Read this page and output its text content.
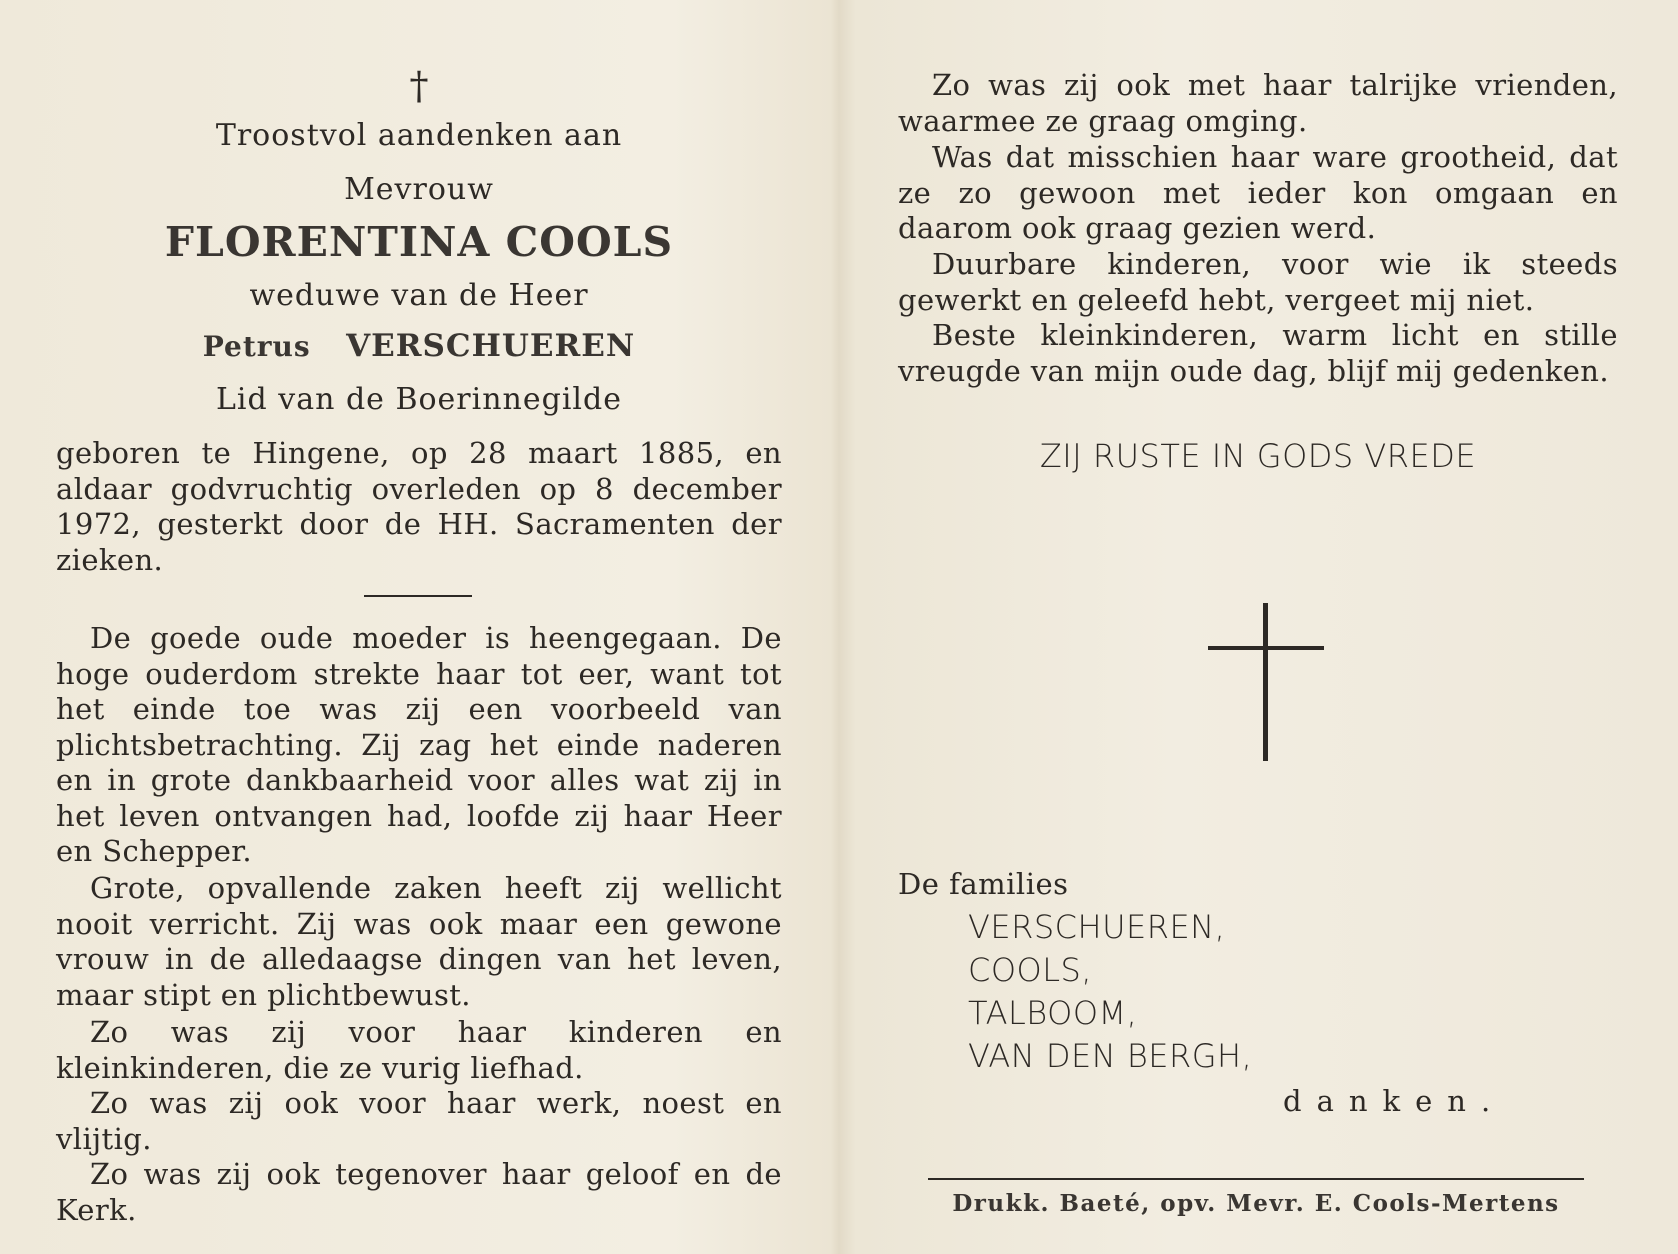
†
Troostvol aandenken aan
Mevrouw
FLORENTINA COOLS
weduwe van de Heer
Petrus VERSCHUEREN
Lid van de Boerinnegilde
geboren te Hingene, op 28 maart 1885, en aldaar godvruchtig overleden op 8 december 1972, gesterkt door de HH. Sacramenten der zieken.
De goede oude moeder is heengegaan. De hoge ouderdom strekte haar tot eer, want tot het einde toe was zij een voorbeeld van plichtsbetrachting. Zij zag het einde naderen en in grote dankbaarheid voor alles wat zij in het leven ontvangen had, loofde zij haar Heer en Schepper.
Grote, opvallende zaken heeft zij wellicht nooit verricht. Zij was ook maar een gewone vrouw in de alledaagse dingen van het leven, maar stipt en plichtbewust.
Zo was zij voor haar kinderen en kleinkinderen, die ze vurig liefhad.
Zo was zij ook voor haar werk, noest en vlijtig.
Zo was zij ook tegenover haar geloof en de Kerk.
Zo was zij ook met haar talrijke vrienden, waarmee ze graag omging.
Was dat misschien haar ware grootheid, dat ze zo gewoon met ieder kon omgaan en daarom ook graag gezien werd.
Duurbare kinderen, voor wie ik steeds gewerkt en geleefd hebt, vergeet mij niet.
Beste kleinkinderen, warm licht en stille vreugde van mijn oude dag, blijf mij gedenken.
ZIJ RUSTE IN GODS VREDE
De families
VERSCHUEREN,
COOLS,
TALBOOM,
VAN DEN BERGH,
danken.
Drukk. Baeté, opv. Mevr. E. Cools-Mertens
